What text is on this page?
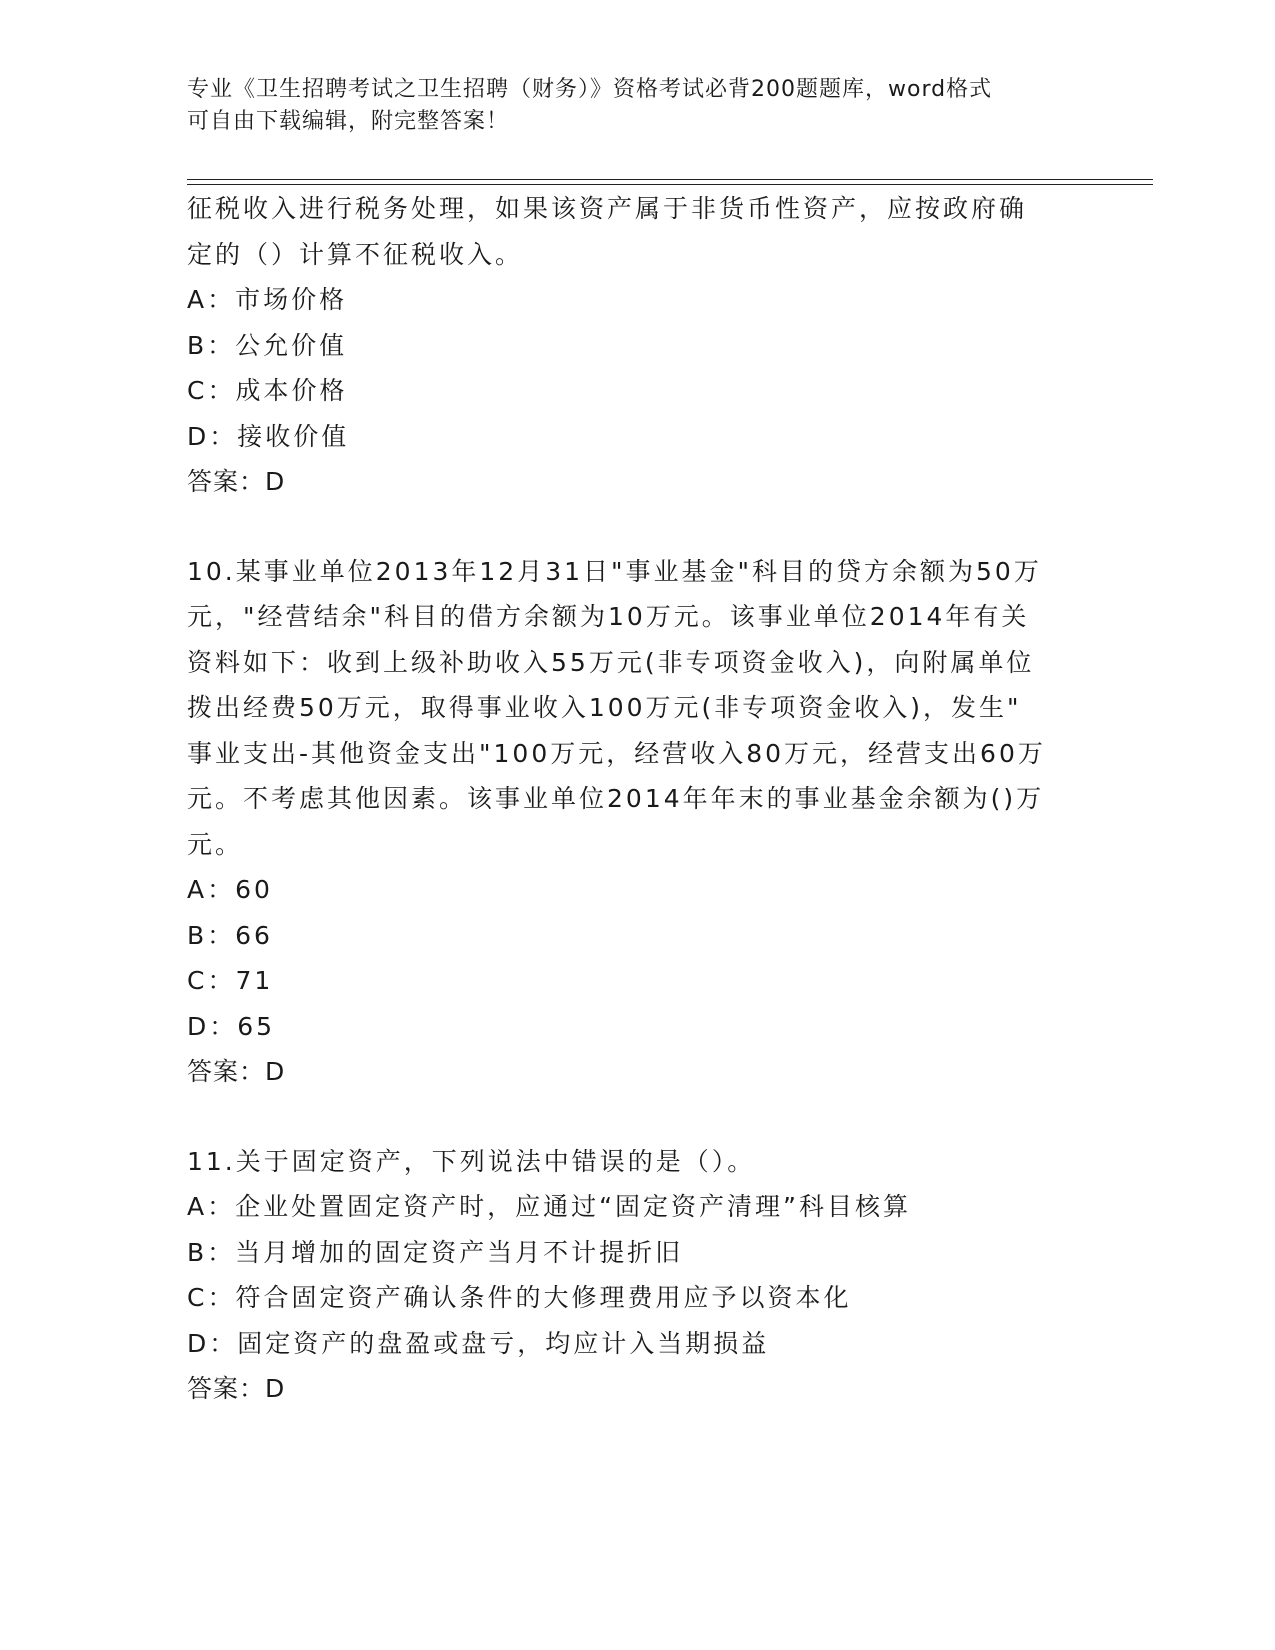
专业《卫生招聘考试之卫生招聘（财务）》资格考试必背200题题库，word格式
可自由下载编辑，附完整答案！
征税收入进行税务处理，如果该资产属于非货币性资产，应按政府确
定的（）计算不征税收入。
A：市场价格
B：公允价值
C：成本价格
D：接收价值
答案：D
10.某事业单位2013年12月31日"事业基金"科目的贷方余额为50万
元，"经营结余"科目的借方余额为10万元。该事业单位2014年有关
资料如下：收到上级补助收入55万元(非专项资金收入)，向附属单位
拨出经费50万元，取得事业收入100万元(非专项资金收入)，发生"
事业支出-其他资金支出"100万元，经营收入80万元，经营支出60万
元。不考虑其他因素。该事业单位2014年年末的事业基金余额为()万
元。
A：60
B：66
C：71
D：65
答案：D
11.关于固定资产，下列说法中错误的是（）。
A：企业处置固定资产时，应通过“固定资产清理”科目核算
B：当月增加的固定资产当月不计提折旧
C：符合固定资产确认条件的大修理费用应予以资本化
D：固定资产的盘盈或盘亏，均应计入当期损益
答案：D
